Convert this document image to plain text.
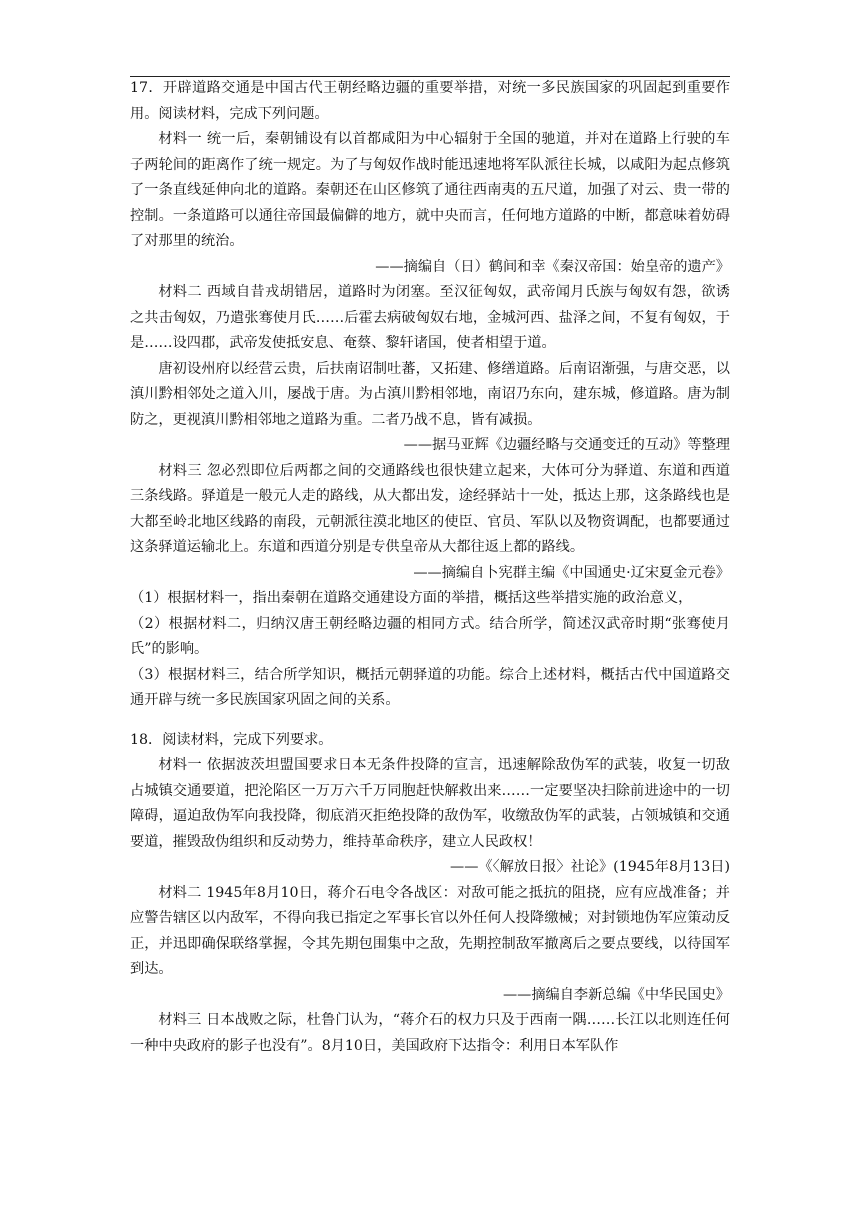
17．开辟道路交通是中国古代王朝经略边疆的重要举措，对统一多民族国家的巩固起到重要作用。阅读材料，完成下列问题。

材料一 统一后，秦朝铺设有以首都咸阳为中心辐射于全国的驰道，并对在道路上行驶的车子两轮间的距离作了统一规定。为了与匈奴作战时能迅速地将军队派往长城，以咸阳为起点修筑了一条直线延伸向北的道路。秦朝还在山区修筑了通往西南夷的五尺道，加强了对云、贵一带的控制。一条道路可以通往帝国最偏僻的地方，就中央而言，任何地方道路的中断，都意味着妨碍了对那里的统治。

——摘编自（日）鹤间和幸《秦汉帝国：始皇帝的遗产》

材料二 西域自昔戎胡错居，道路时为闭塞。至汉征匈奴，武帝闻月氏族与匈奴有怨，欲诱之共击匈奴，乃遣张骞使月氏……后霍去病破匈奴右地，金城河西、盐泽之间，不复有匈奴，于是……设四郡，武帝发使抵安息、奄蔡、黎轩诸国，使者相望于道。

唐初设州府以经营云贵，后扶南诏制吐蕃，又拓建、修缮道路。后南诏渐强，与唐交恶，以滇川黔相邻处之道入川，屡战于唐。为占滇川黔相邻地，南诏乃东向，建东城，修道路。唐为制防之，更视滇川黔相邻地之道路为重。二者乃战不息，皆有减损。

——据马亚辉《边疆经略与交通变迁的互动》等整理

材料三 忽必烈即位后两都之间的交通路线也很快建立起来，大体可分为驿道、东道和西道三条线路。驿道是一般元人走的路线，从大都出发，途经驿站十一处，抵达上那，这条路线也是大都至岭北地区线路的南段，元朝派往漠北地区的使臣、官员、军队以及物资调配，也都要通过这条驿道运输北上。东道和西道分别是专供皇帝从大都往返上都的路线。

——摘编自卜宪群主编《中国通史·辽宋夏金元卷》

（1）根据材料一，指出秦朝在道路交通建设方面的举措，概括这些举措实施的政治意义，

（2）根据材料二，归纳汉唐王朝经略边疆的相同方式。结合所学，简述汉武帝时期“张骞使月氏”的影响。

（3）根据材料三，结合所学知识，概括元朝驿道的功能。综合上述材料，概括古代中国道路交通开辟与统一多民族国家巩固之间的关系。

18．阅读材料，完成下列要求。

材料一 依据波茨坦盟国要求日本无条件投降的宣言，迅速解除敌伪军的武装，收复一切敌占城镇交通要道，把沦陷区一万万六千万同胞赶快解救出来……一定要坚决扫除前进途中的一切障碍，逼迫敌伪军向我投降，彻底消灭拒绝投降的敌伪军，收缴敌伪军的武装，占领城镇和交通要道，摧毁敌伪组织和反动势力，维持革命秩序，建立人民政权！

——《〈解放日报〉社论》(1945年8月13日)

材料二 1945年8月10日，蒋介石电令各战区：对敌可能之抵抗的阻挠，应有应战准备；并应警告辖区以内敌军，不得向我已指定之军事长官以外任何人投降缴械；对封锁地伪军应策动反正，并迅即确保联络掌握，令其先期包围集中之敌，先期控制敌军撤离后之要点要线，以待国军到达。

——摘编自李新总编《中华民国史》

材料三 日本战败之际，杜鲁门认为，“蒋介石的权力只及于西南一隅……长江以北则连任何一种中央政府的影子也没有”。8月10日，美国政府下达指令：利用日本军队作
